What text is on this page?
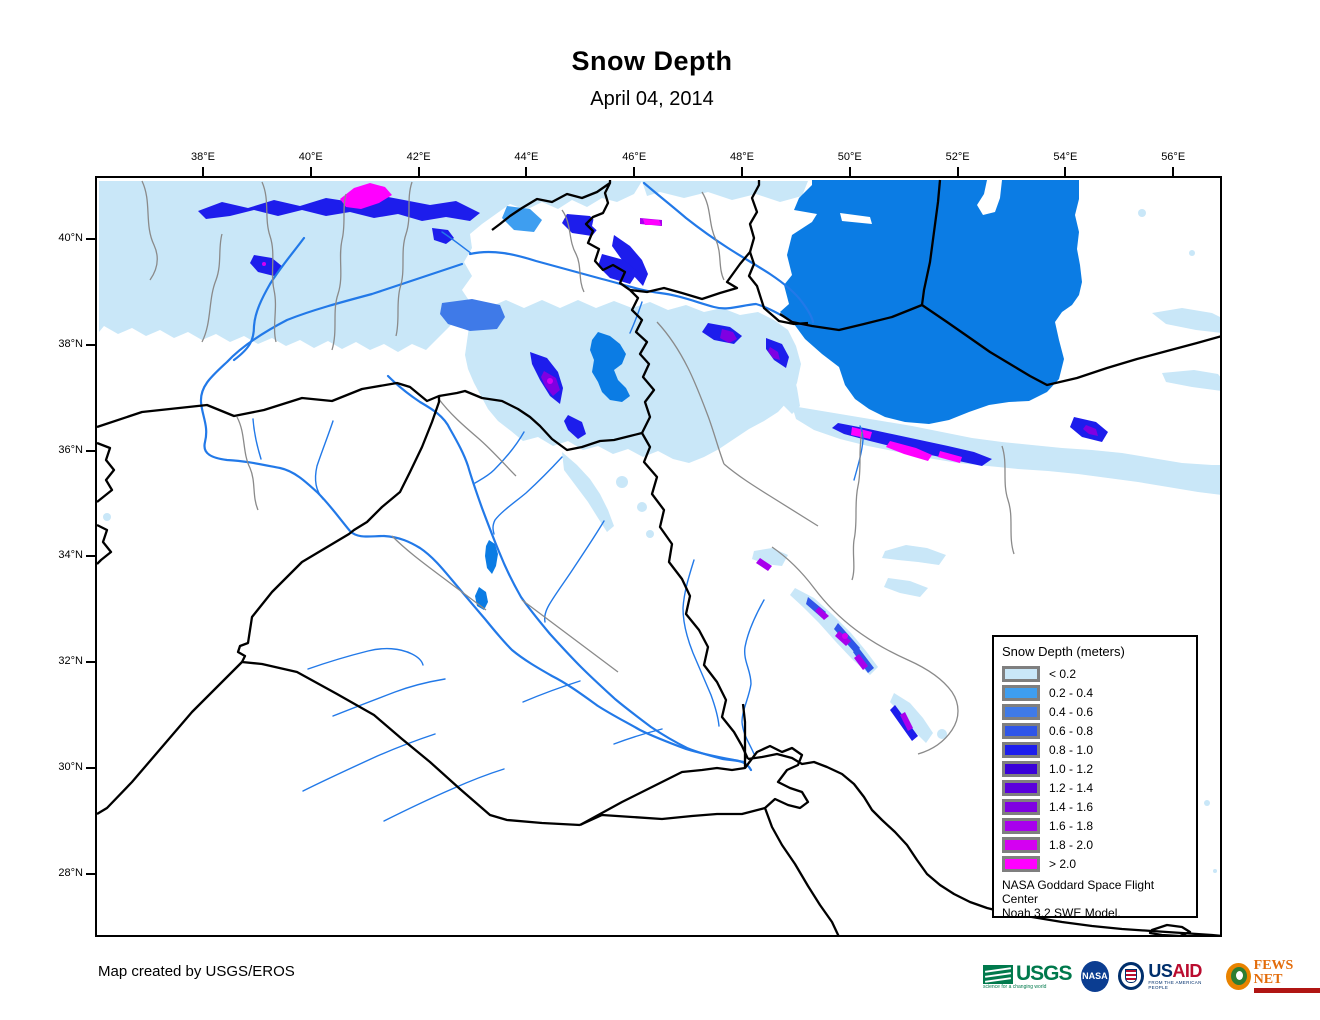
Snow Depth
April 04, 2014
38°E	40°E	42°E	44°E	46°E	48°E	50°E	52°E	54°E	56°E
40°N
38°N
36°N
34°N
32°N
30°N
28°N
Snow Depth (meters)
< 0.2
0.2 - 0.4
0.4 - 0.6
0.6 - 0.8
0.8 - 1.0
1.0 - 1.2
1.2 - 1.4
1.4 - 1.6
1.6 - 1.8
1.8 - 2.0
> 2.0
NASA Goddard Space Flight Center
Noah 3.2 SWE Model.
Map created by USGS/EROS	USGS
science for a changing world
NASA USAID
FROM THE AMERICAN PEOPLE
FEWS NET
